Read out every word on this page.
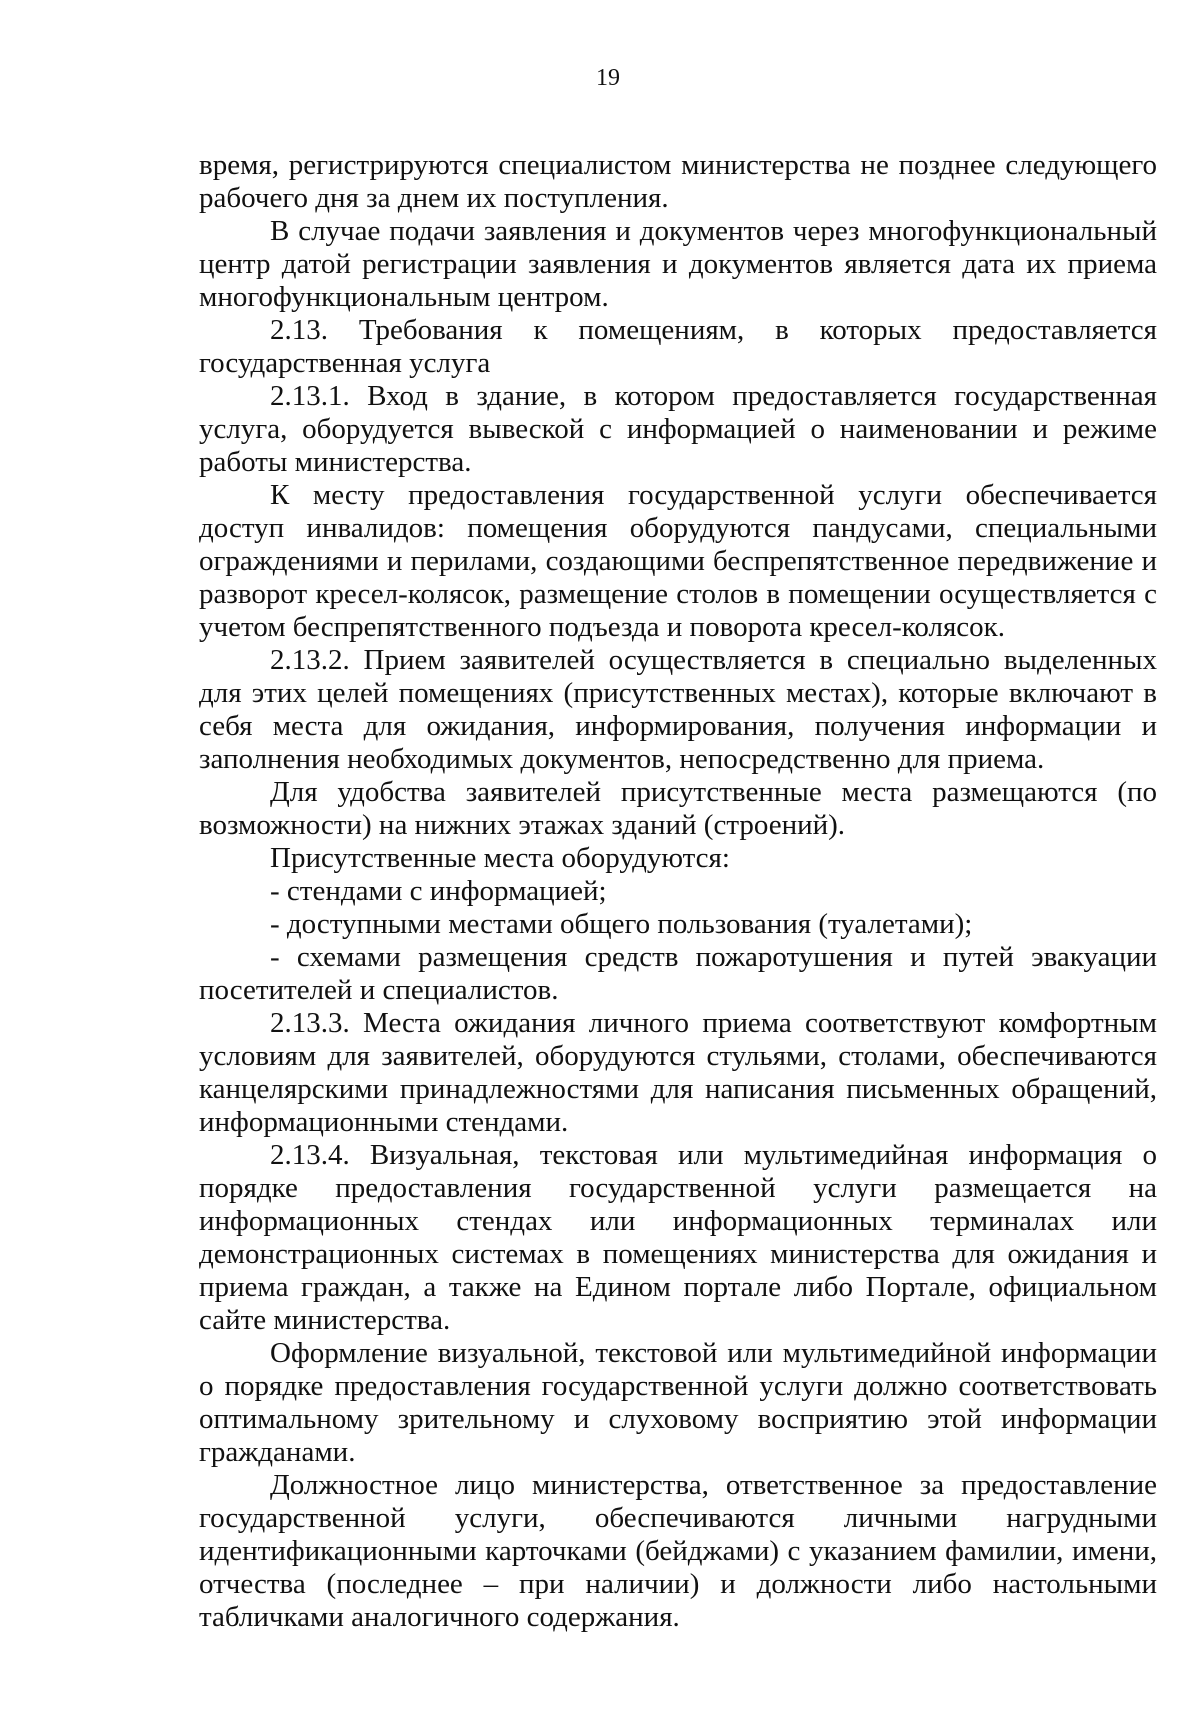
19

время, регистрируются специалистом министерства не позднее следующего рабочего дня за днем их поступления.

В случае подачи заявления и документов через многофункциональный центр датой регистрации заявления и документов является дата их приема многофункциональным центром.

2.13. Требования к помещениям, в которых предоставляется государственная услуга

2.13.1. Вход в здание, в котором предоставляется государственная услуга, оборудуется вывеской с информацией о наименовании и режиме работы министерства.

К месту предоставления государственной услуги обеспечивается доступ инвалидов: помещения оборудуются пандусами, специальными ограждениями и перилами, создающими беспрепятственное передвижение и разворот кресел-колясок, размещение столов в помещении осуществляется с учетом беспрепятственного подъезда и поворота кресел-колясок.

2.13.2. Прием заявителей осуществляется в специально выделенных для этих целей помещениях (присутственных местах), которые включают в себя места для ожидания, информирования, получения информации и заполнения необходимых документов, непосредственно для приема.

Для удобства заявителей присутственные места размещаются (по возможности) на нижних этажах зданий (строений).

Присутственные места оборудуются:

- стендами с информацией;

- доступными местами общего пользования (туалетами);

- схемами размещения средств пожаротушения и путей эвакуации посетителей и специалистов.

2.13.3. Места ожидания личного приема соответствуют комфортным условиям для заявителей, оборудуются стульями, столами, обеспечиваются канцелярскими принадлежностями для написания письменных обращений, информационными стендами.

2.13.4. Визуальная, текстовая или мультимедийная информация о порядке предоставления государственной услуги размещается на информационных стендах или информационных терминалах или демонстрационных системах в помещениях министерства для ожидания и приема граждан, а также на Едином портале либо Портале, официальном сайте министерства.

Оформление визуальной, текстовой или мультимедийной информации о порядке предоставления государственной услуги должно соответствовать оптимальному зрительному и слуховому восприятию этой информации гражданами.

Должностное лицо министерства, ответственное за предоставление государственной услуги, обеспечиваются личными нагрудными идентификационными карточками (бейджами) с указанием фамилии, имени, отчества (последнее – при наличии) и должности либо настольными табличками аналогичного содержания.
